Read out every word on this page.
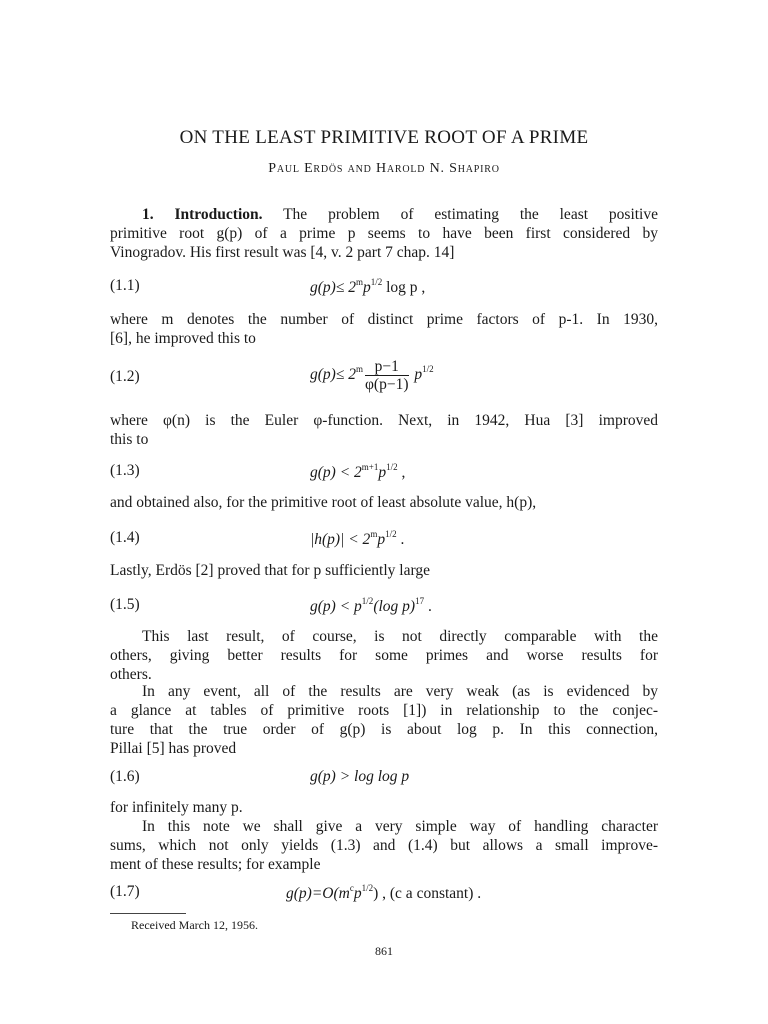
ON THE LEAST PRIMITIVE ROOT OF A PRIME
Paul Erdös and Harold N. Shapiro
1. Introduction. The problem of estimating the least positive
primitive root g(p) of a prime p seems to have been first considered by
Vinogradov. His first result was [4, v. 2 part 7 chap. 14]
(1.1)	$g(p)\le 2^mp^{1/2}$ log p ,
where m denotes the number of distinct prime factors of p-1. In 1930,
[6], he improved this to
(1.2)	$g(p)\le 2^m \frac{p-1}{\varphi(p-1)} p^{1/2}$
where φ(n) is the Euler φ-function. Next, in 1942, Hua [3] improved
this to
(1.3)	$g(p) < 2^{m+1}p^{1/2}$ ,
and obtained also, for the primitive root of least absolute value, h(p),
(1.4)	$|h(p)| < 2^mp^{1/2}$ .
Lastly, Erdös [2] proved that for p sufficiently large
(1.5)	$g(p) < p^{1/2}(\log$ p)$^{17}$ .
This last result, of course, is not directly comparable with the
others, giving better results for some primes and worse results for
others.
In any event, all of the results are very weak (as is evidenced by
a glance at tables of primitive roots [1]) in relationship to the conjec-
ture that the true order of g(p) is about log p. In this connection,
Pillai [5] has proved
(1.6)	g(p) > log log p
for infinitely many p.
In this note we shall give a very simple way of handling character
sums, which not only yields (1.3) and (1.4) but allows a small improve-
ment of these results; for example
(1.7)	$g(p)=O(m^cp^{1/2})$ , (c a constant) .
Received March 12, 1956.
861
